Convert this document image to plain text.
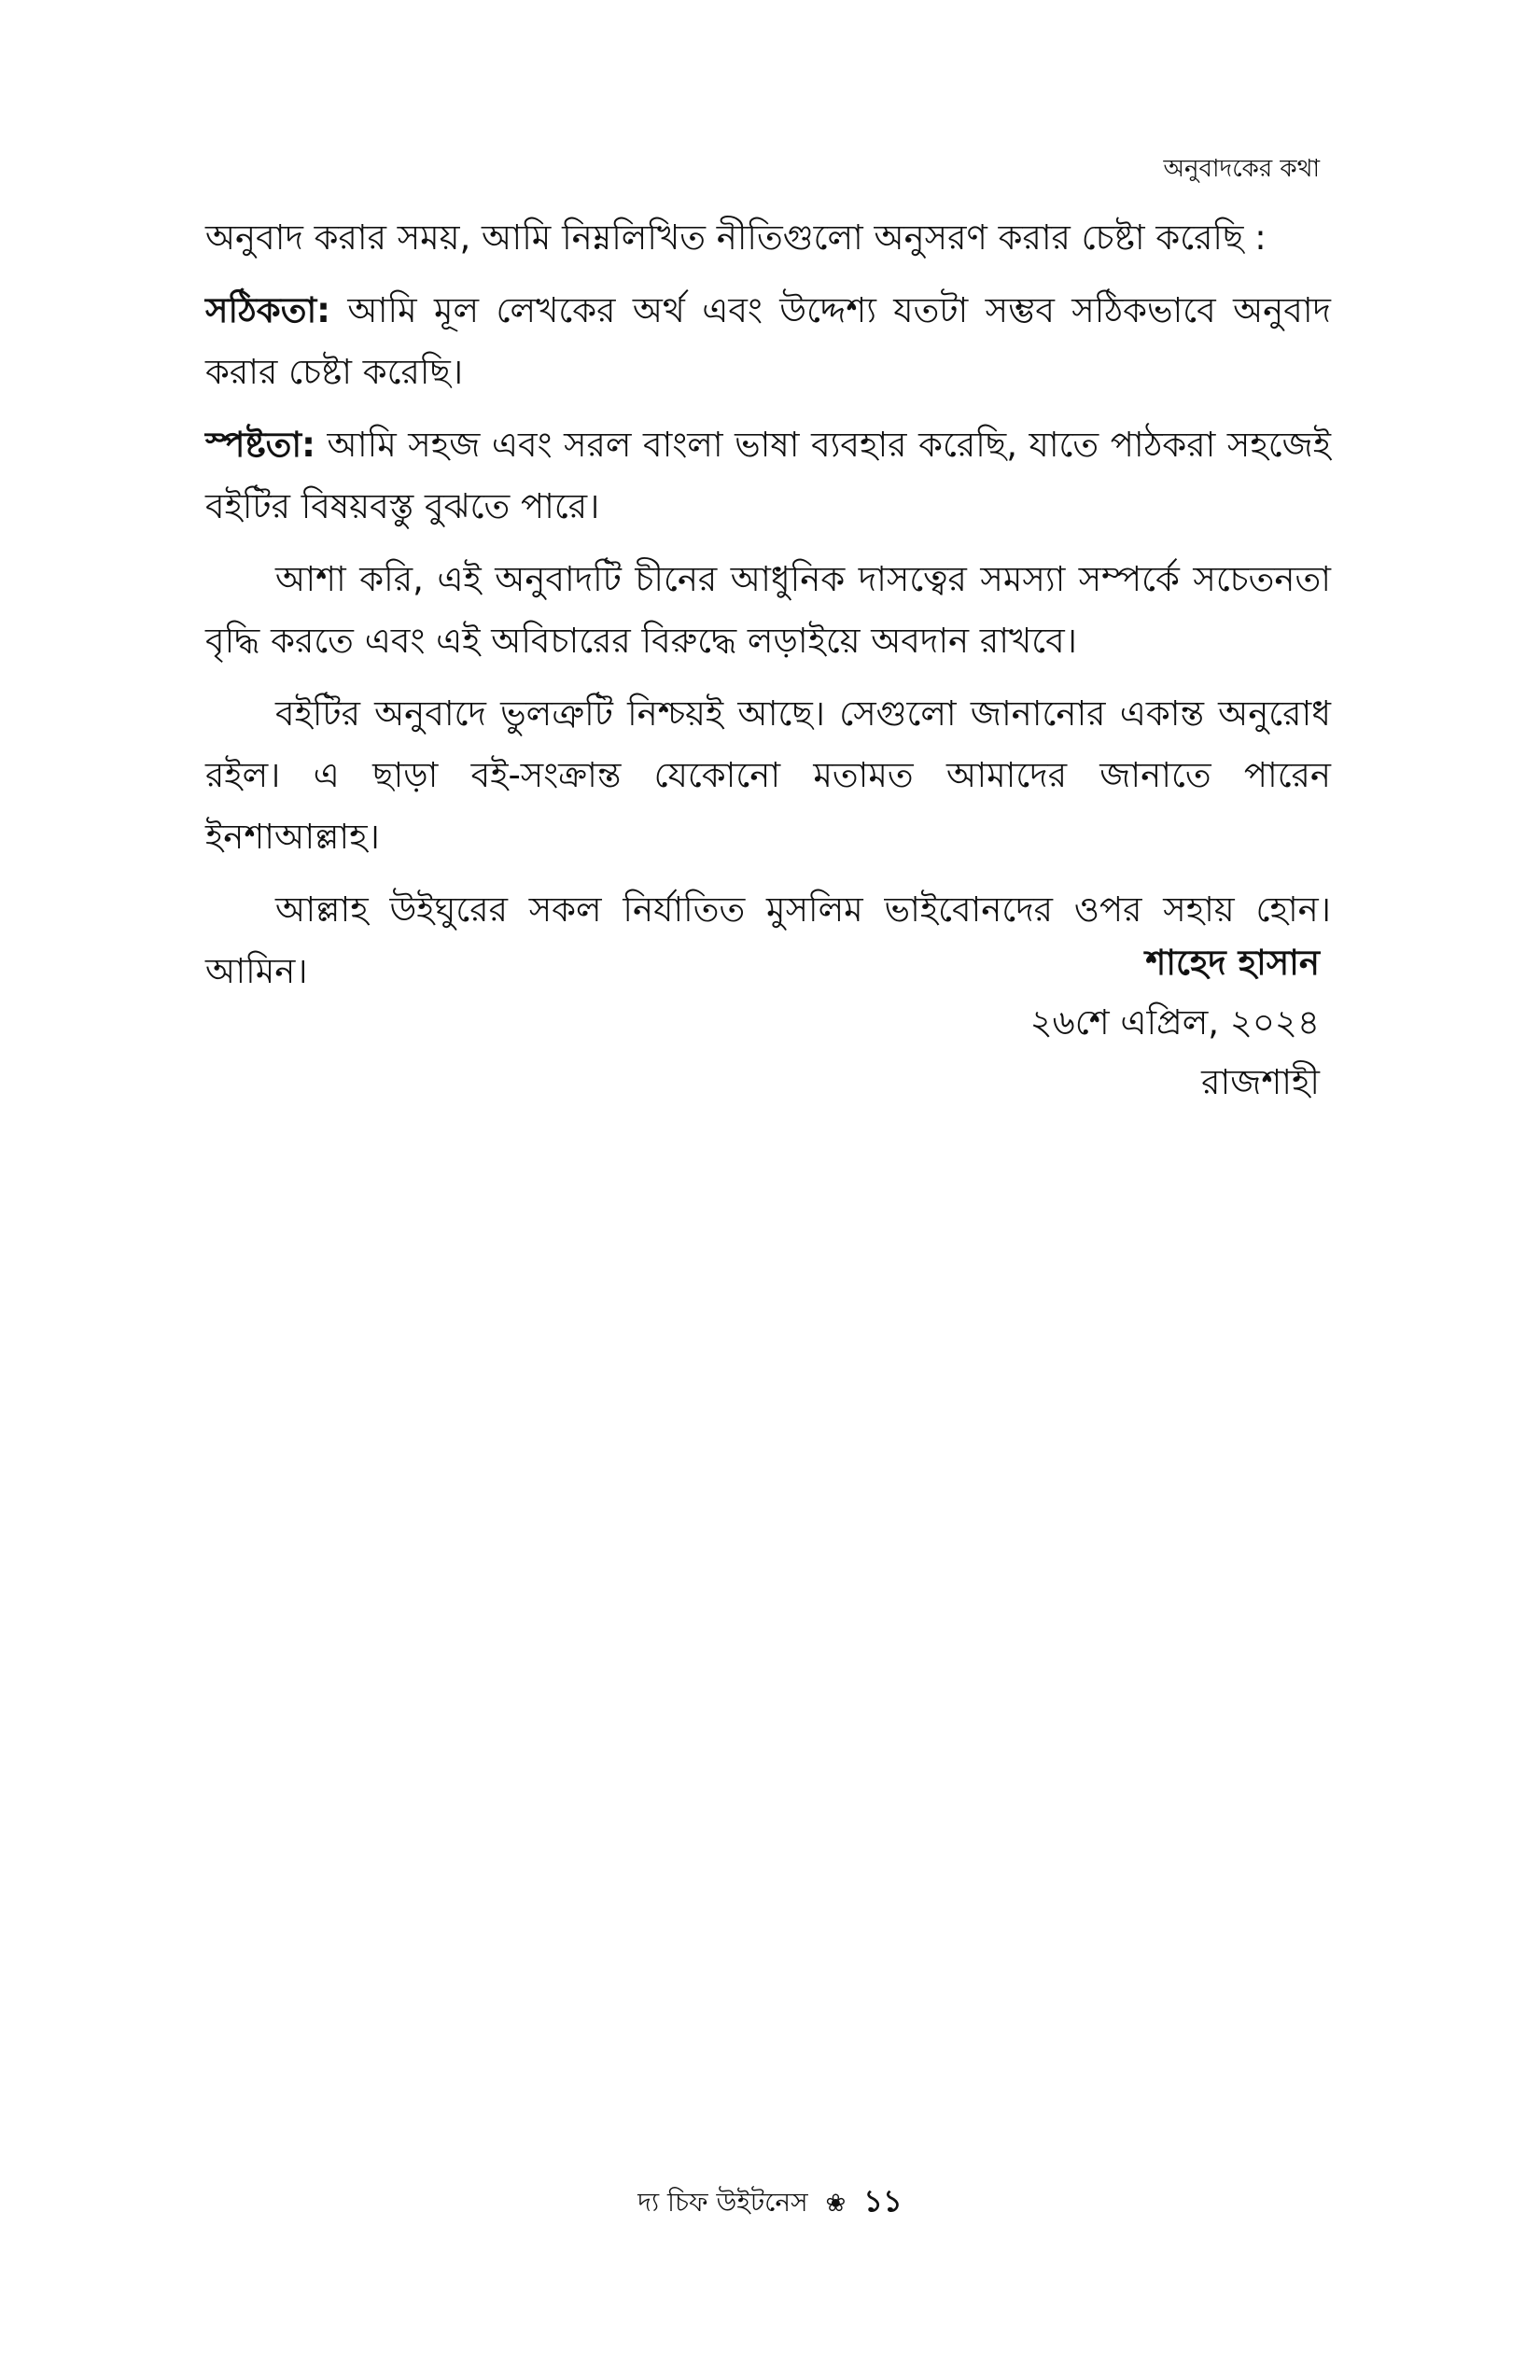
অনুবাদকের কথা

অনুবাদ করার সময়, আমি নিম্নলিখিত নীতিগুলো অনুসরণ করার চেষ্টা করেছি :

সঠিকতা: আমি মূল লেখকের অর্থ এবং উদ্দেশ্য যতটা সম্ভব সঠিকভাবে অনুবাদ করার চেষ্টা করেছি।

স্পষ্টতা: আমি সহজ এবং সরল বাংলা ভাষা ব্যবহার করেছি, যাতে পাঠকরা সহজেই বইটির বিষয়বস্তু বুঝতে পারে।

আশা করি, এই অনুবাদটি চীনের আধুনিক দাসত্বের সমস্যা সম্পর্কে সচেতনতা বৃদ্ধি করতে এবং এই অবিচারের বিরুদ্ধে লড়াইয়ে অবদান রাখবে।

বইটির অনুবাদে ভুলত্রুটি নিশ্চয়ই আছে। সেগুলো জানানোর একান্ত অনুরোধ রইল। এ ছাড়া বই-সংক্রান্ত যেকোনো মতামত আমাদের জানাতে পারেন ইনশাআল্লাহ।

আল্লাহ উইঘুরের সকল নির্যাতিত মুসলিম ভাইবোনদের ওপর সহায় হোন। আমিন।	শাহেদ হাসান
২৬শে এপ্রিল, ২০২৪
রাজশাহী
দ্য চিফ উইটনেস ❀ ১১
